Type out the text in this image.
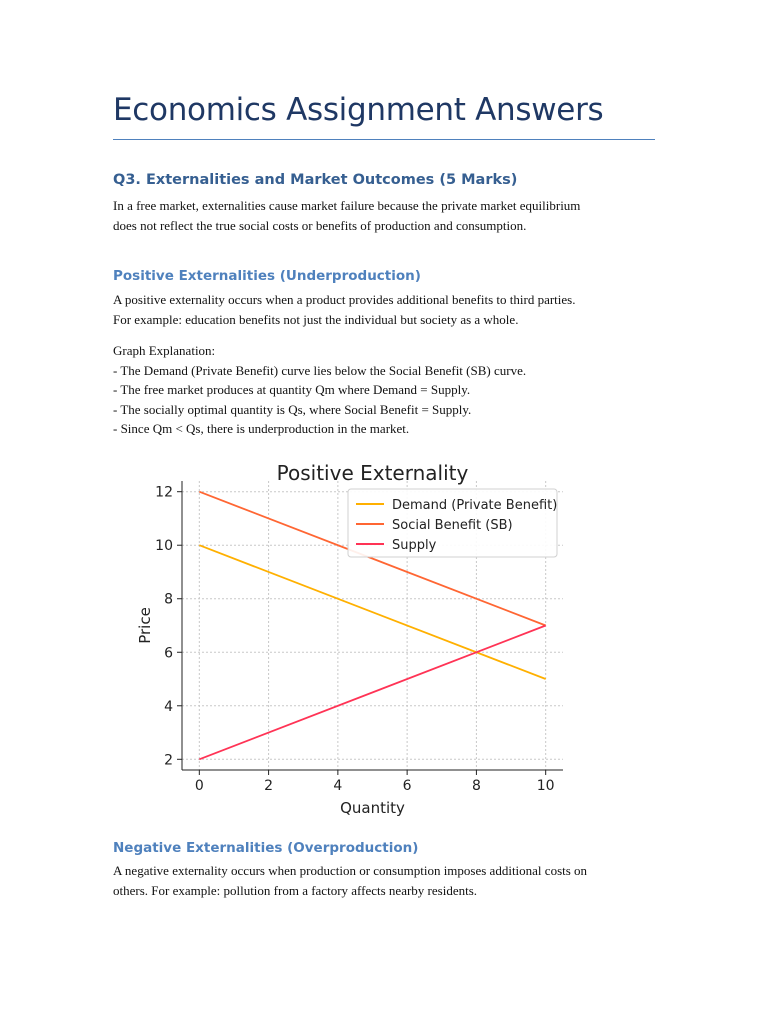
Economics Assignment Answers
Q3. Externalities and Market Outcomes (5 Marks)

In a free market, externalities cause market failure because the private market equilibrium
does not reflect the true social costs or benefits of production and consumption.

Positive Externalities (Underproduction)

A positive externality occurs when a product provides additional benefits to third parties.
For example: education benefits not just the individual but society as a whole.

Graph Explanation:
- The Demand (Private Benefit) curve lies below the Social Benefit (SB) curve.
- The free market produces at quantity Qm where Demand = Supply.
- The socially optimal quantity is Qs, where Social Benefit = Supply.
- Since Qm < Qs, there is underproduction in the market.

Negative Externalities (Overproduction)

A negative externality occurs when production or consumption imposes additional costs on
others. For example: pollution from a factory affects nearby residents.

0	2	4	6	8	10
2
4
6
8
10
12
Positive Externality
Quantity
Price
Demand (Private Benefit)
Social Benefit (SB)
Supply
